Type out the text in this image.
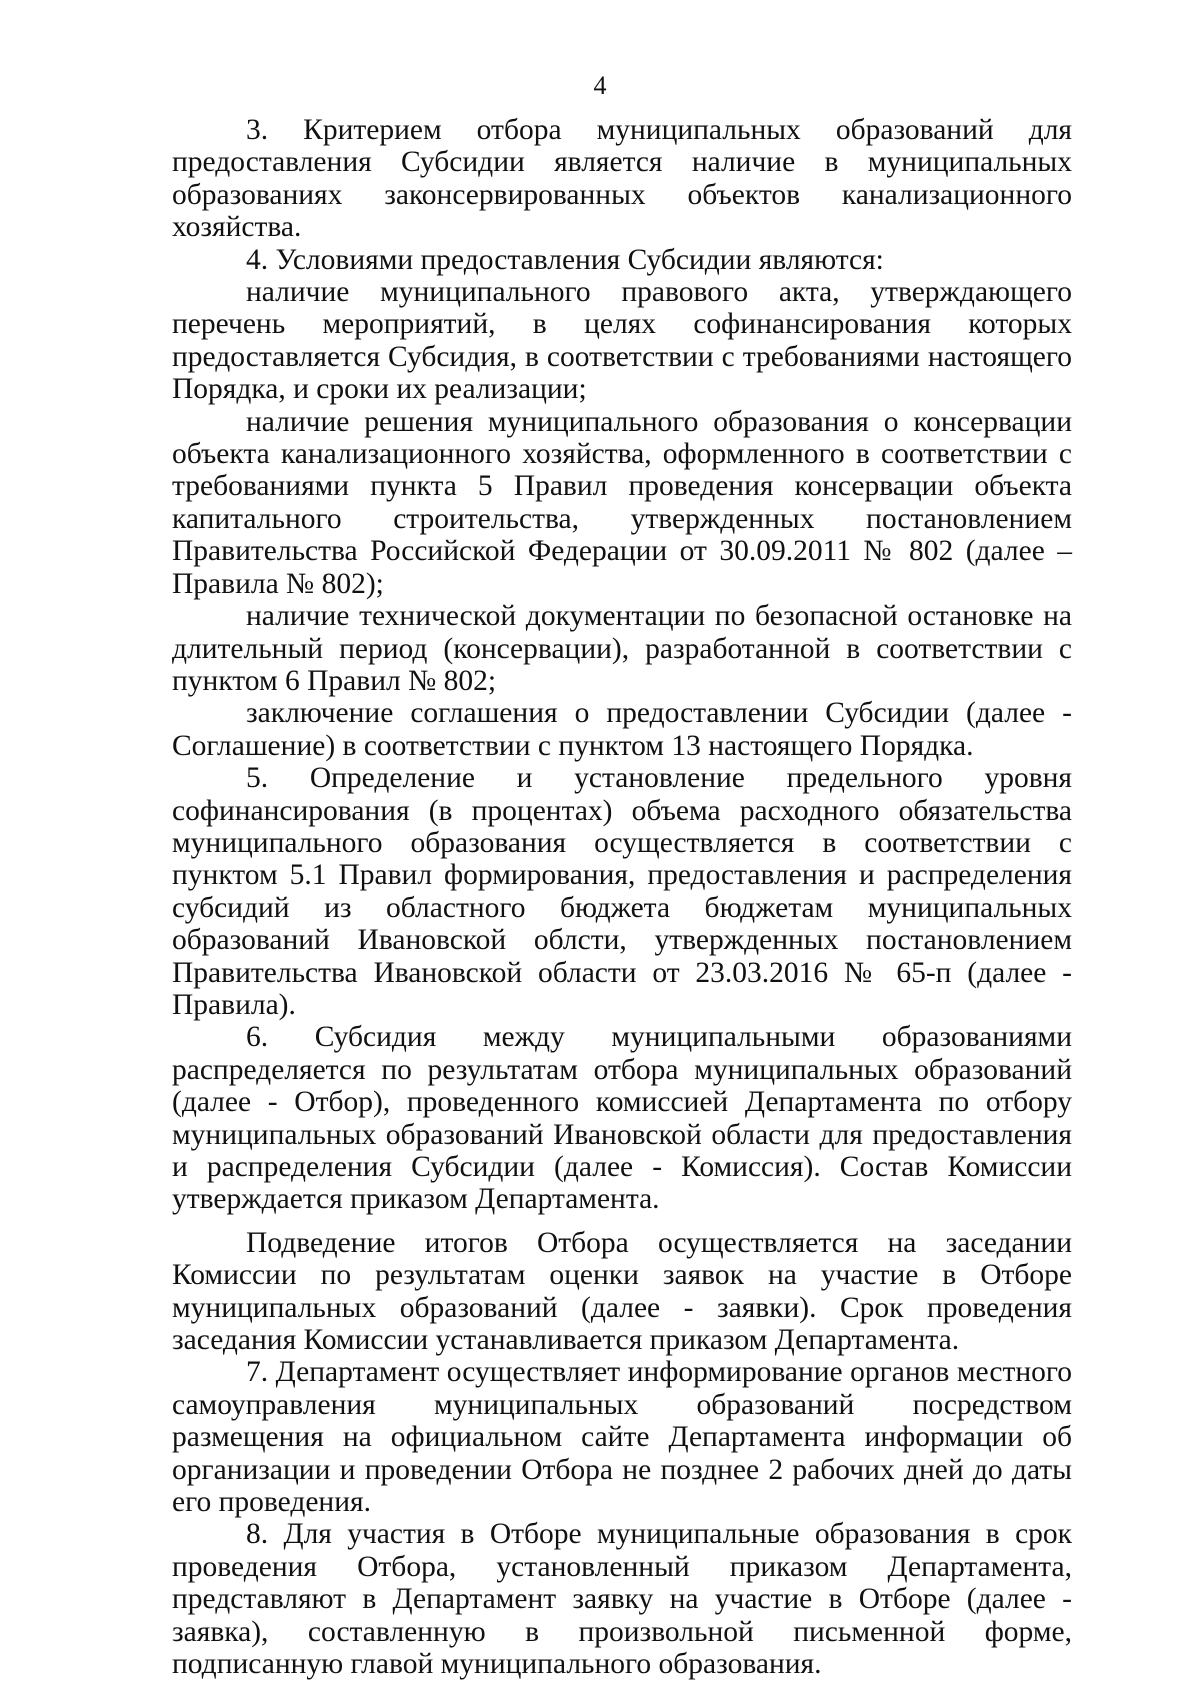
4

3. Критерием отбора муниципальных образований для предоставления Субсидии является наличие в муниципальных образованиях законсервированных объектов канализационного хозяйства.

4. Условиями предоставления Субсидии являются:

наличие муниципального правового акта, утверждающего перечень мероприятий, в целях софинансирования которых предоставляется Субсидия, в соответствии с требованиями настоящего Порядка, и сроки их реализации;

наличие решения муниципального образования о консервации объекта канализационного хозяйства, оформленного в соответствии с требованиями пункта 5 Правил проведения консервации объекта капитального строительства, утвержденных постановлением Правительства Российской Федерации от 30.09.2011 № 802 (далее – Правила № 802);

наличие технической документации по безопасной остановке на длительный период (консервации), разработанной в соответствии с пунктом 6 Правил № 802;

заключение соглашения о предоставлении Субсидии (далее - Соглашение) в соответствии с пунктом 13 настоящего Порядка.

5. Определение и установление предельного уровня софинансирования (в процентах) объема расходного обязательства муниципального образования осуществляется в соответствии с пунктом 5.1 Правил формирования, предоставления и распределения субсидий из областного бюджета бюджетам муниципальных образований Ивановской облсти, утвержденных постановлением Правительства Ивановской области от 23.03.2016 № 65-п (далее - Правила).

6. Субсидия между муниципальными образованиями распределяется по результатам отбора муниципальных образований (далее - Отбор), проведенного комиссией Департамента по отбору муниципальных образований Ивановской области для предоставления и распределения Субсидии (далее - Комиссия). Состав Комиссии утверждается приказом Департамента.

Подведение итогов Отбора осуществляется на заседании Комиссии по результатам оценки заявок на участие в Отборе муниципальных образований (далее - заявки). Срок проведения заседания Комиссии устанавливается приказом Департамента.

7. Департамент осуществляет информирование органов местного самоуправления муниципальных образований посредством размещения на официальном сайте Департамента информации об организации и проведении Отбора не позднее 2 рабочих дней до даты его проведения.

8. Для участия в Отборе муниципальные образования в срок проведения Отбора, установленный приказом Департамента, представляют в Департамент заявку на участие в Отборе (далее - заявка), составленную в произвольной письменной форме, подписанную главой муниципального образования.
